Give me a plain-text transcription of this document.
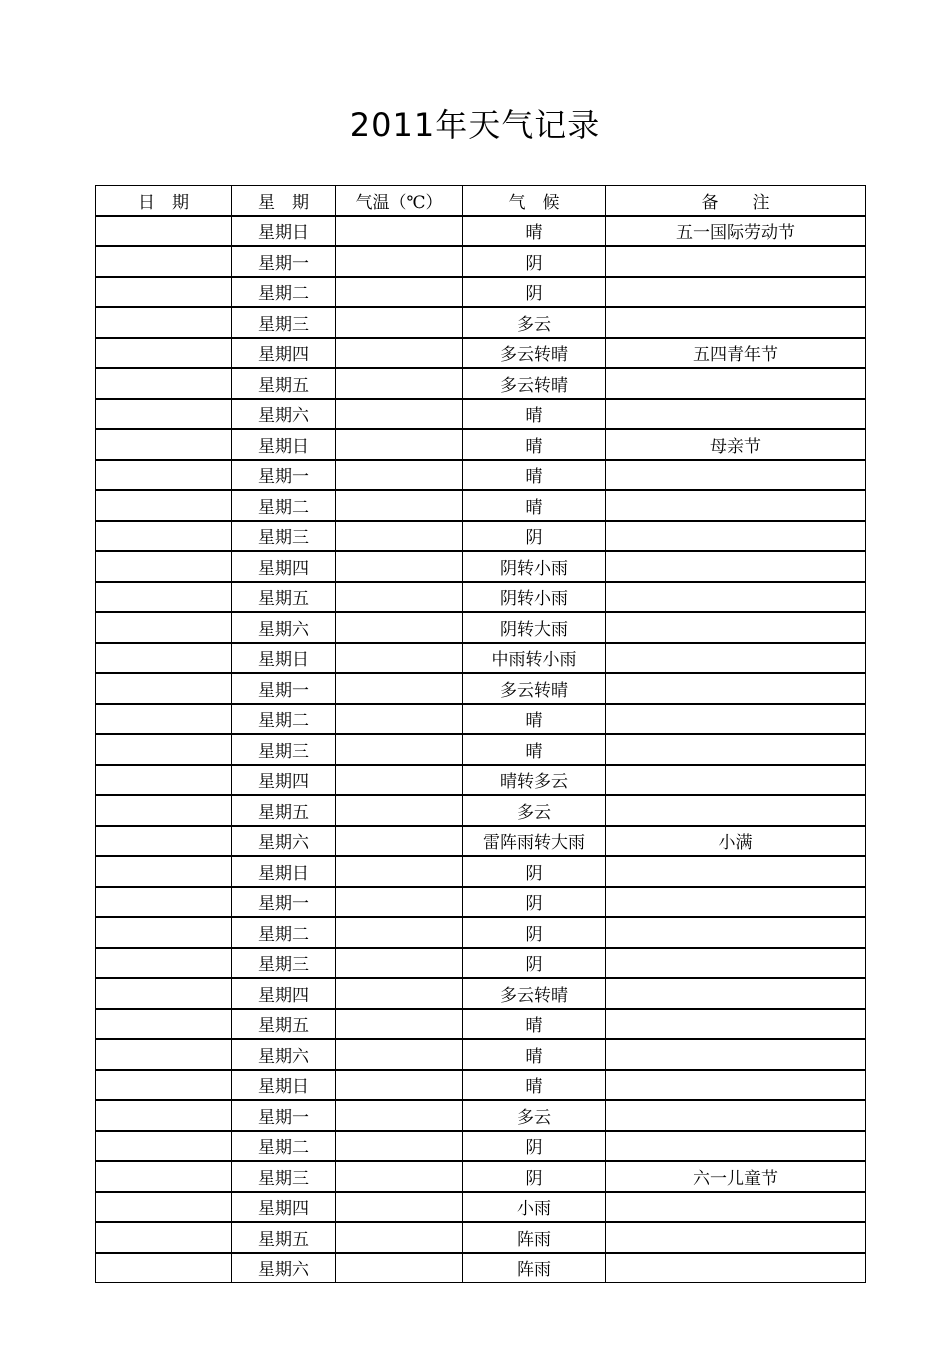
2011年天气记录
日　期	星　期	气温（℃）	气　候	备　　注
	星期日		晴	五一国际劳动节
	星期一		阴	
	星期二		阴	
	星期三		多云	
	星期四		多云转晴	五四青年节
	星期五		多云转晴	
	星期六		晴	
	星期日		晴	母亲节
	星期一		晴	
	星期二		晴	
	星期三		阴	
	星期四		阴转小雨	
	星期五		阴转小雨	
	星期六		阴转大雨	
	星期日		中雨转小雨	
	星期一		多云转晴	
	星期二		晴	
	星期三		晴	
	星期四		晴转多云	
	星期五		多云	
	星期六		雷阵雨转大雨	小满
	星期日		阴	
	星期一		阴	
	星期二		阴	
	星期三		阴	
	星期四		多云转晴	
	星期五		晴	
	星期六		晴	
	星期日		晴	
	星期一		多云	
	星期二		阴	
	星期三		阴	六一儿童节
	星期四		小雨	
	星期五		阵雨	
	星期六		阵雨	
